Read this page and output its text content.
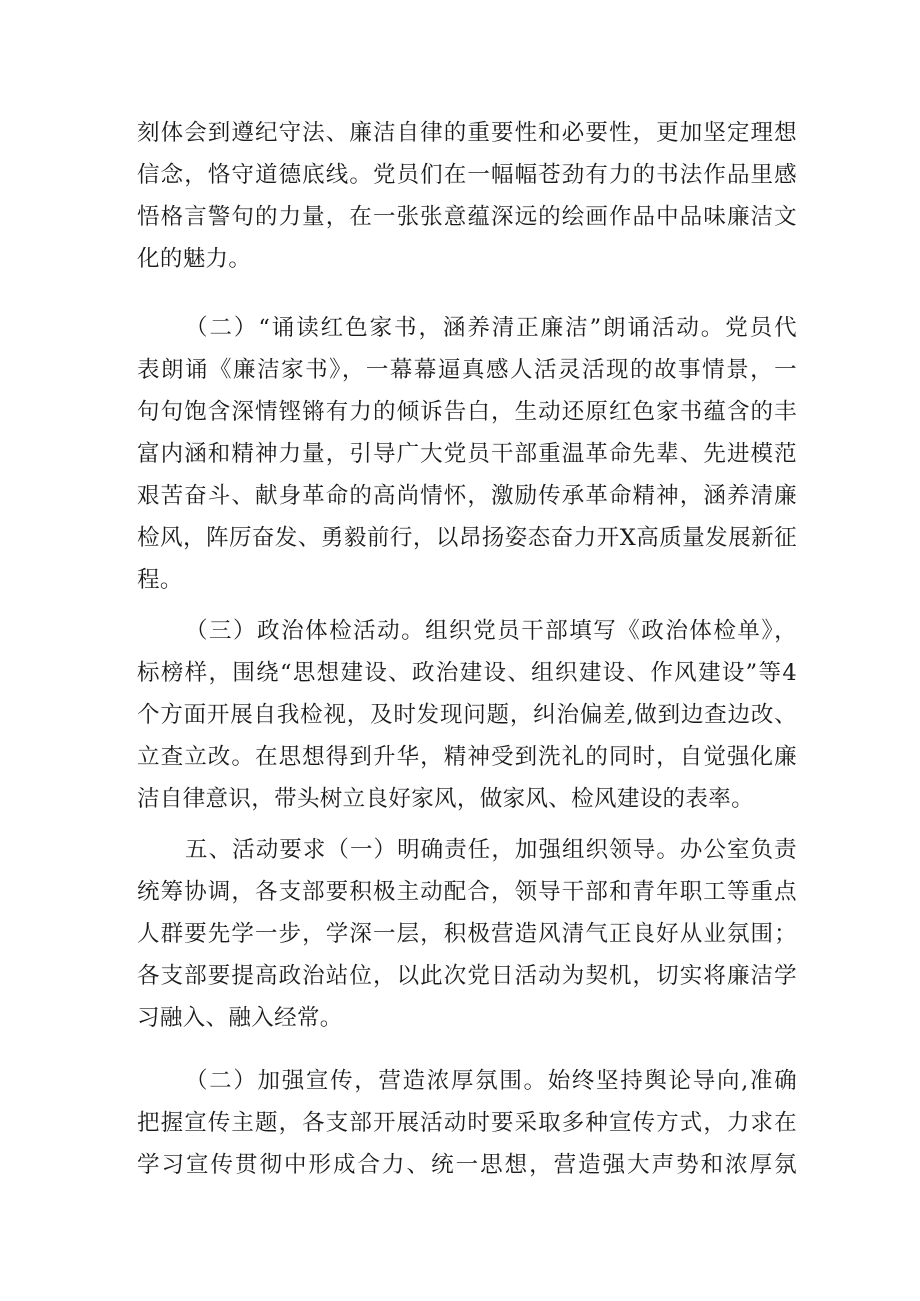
刻体会到遵纪守法、廉洁自律的重要性和必要性，更加坚定理想
信念，恪守道德底线。党员们在一幅幅苍劲有力的书法作品里感
悟格言警句的力量，在一张张意蕴深远的绘画作品中品味廉洁文
化的魅力。
（二）“诵读红色家书，涵养清正廉洁”朗诵活动。党员代
表朗诵《廉洁家书》，一幕幕逼真感人活灵活现的故事情景，一
句句饱含深情铿锵有力的倾诉告白，生动还原红色家书蕴含的丰
富内涵和精神力量，引导广大党员干部重温革命先辈、先进模范
艰苦奋斗、献身革命的高尚情怀，激励传承革命精神，涵养清廉
检风，阵厉奋发、勇毅前行，以昂扬姿态奋力开X高质量发展新征
程。
（三）政治体检活动。组织党员干部填写《政治体检单》，
标榜样，围绕“思想建设、政治建设、组织建设、作风建设”等4
个方面开展自我检视，及时发现问题，纠治偏差,做到边查边改、
立查立改。在思想得到升华，精神受到洗礼的同时，自觉强化廉
洁自律意识，带头树立良好家风，做家风、检风建设的表率。
五、活动要求（一）明确责任，加强组织领导。办公室负责
统筹协调，各支部要积极主动配合，领导干部和青年职工等重点
人群要先学一步，学深一层，积极营造风清气正良好从业氛围；
各支部要提高政治站位，以此次党日活动为契机，切实将廉洁学
习融入、融入经常。
（二）加强宣传，营造浓厚氛围。始终坚持舆论导向,准确
把握宣传主题，各支部开展活动时要采取多种宣传方式，力求在
学习宣传贯彻中形成合力、统一思想，营造强大声势和浓厚氛
